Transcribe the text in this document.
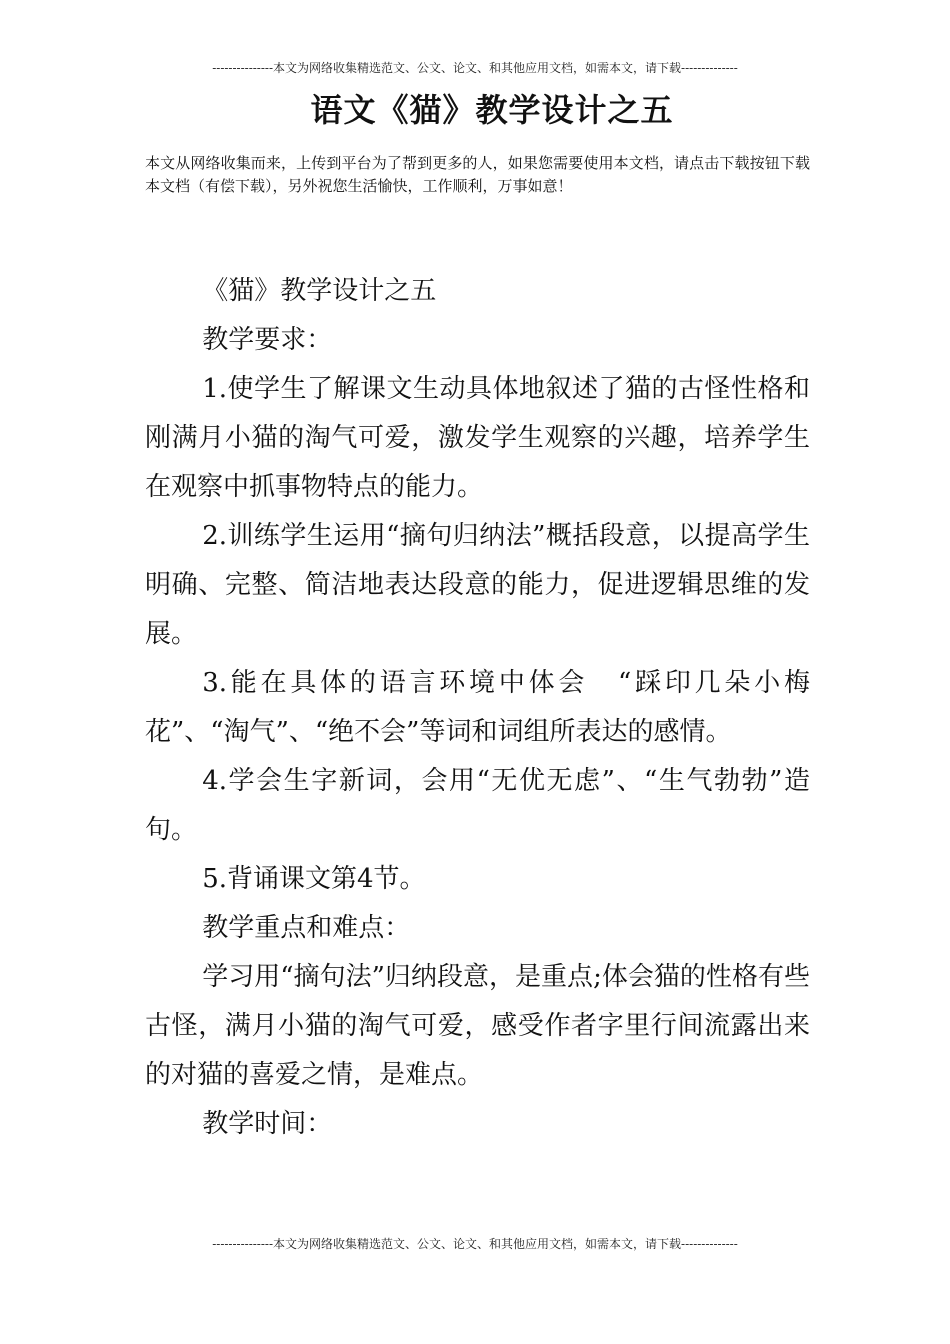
---------------本文为网络收集精选范文、公文、论文、和其他应用文档，如需本文，请下载--------------
语文《猫》教学设计之五
本文从网络收集而来，上传到平台为了帮到更多的人，如果您需要使用本文档，请点击下载按钮下载本文档（有偿下载），另外祝您生活愉快，工作顺利，万事如意！

《猫》教学设计之五

教学要求：

1.使学生了解课文生动具体地叙述了猫的古怪性格和刚满月小猫的淘气可爱，激发学生观察的兴趣，培养学生在观察中抓事物特点的能力。

2.训练学生运用“摘句归纳法”概括段意，以提高学生明确、完整、简洁地表达段意的能力，促进逻辑思维的发展。

3.能在具体的语言环境中体会　“踩印几朵小梅花”、“淘气”、“绝不会”等词和词组所表达的感情。

4.学会生字新词，会用“无优无虑”、“生气勃勃”造句。

5.背诵课文第4节。

教学重点和难点：

学习用“摘句法”归纳段意，是重点;体会猫的性格有些古怪，满月小猫的淘气可爱，感受作者字里行间流露出来的对猫的喜爱之情，是难点。

教学时间：

---------------本文为网络收集精选范文、公文、论文、和其他应用文档，如需本文，请下载--------------
